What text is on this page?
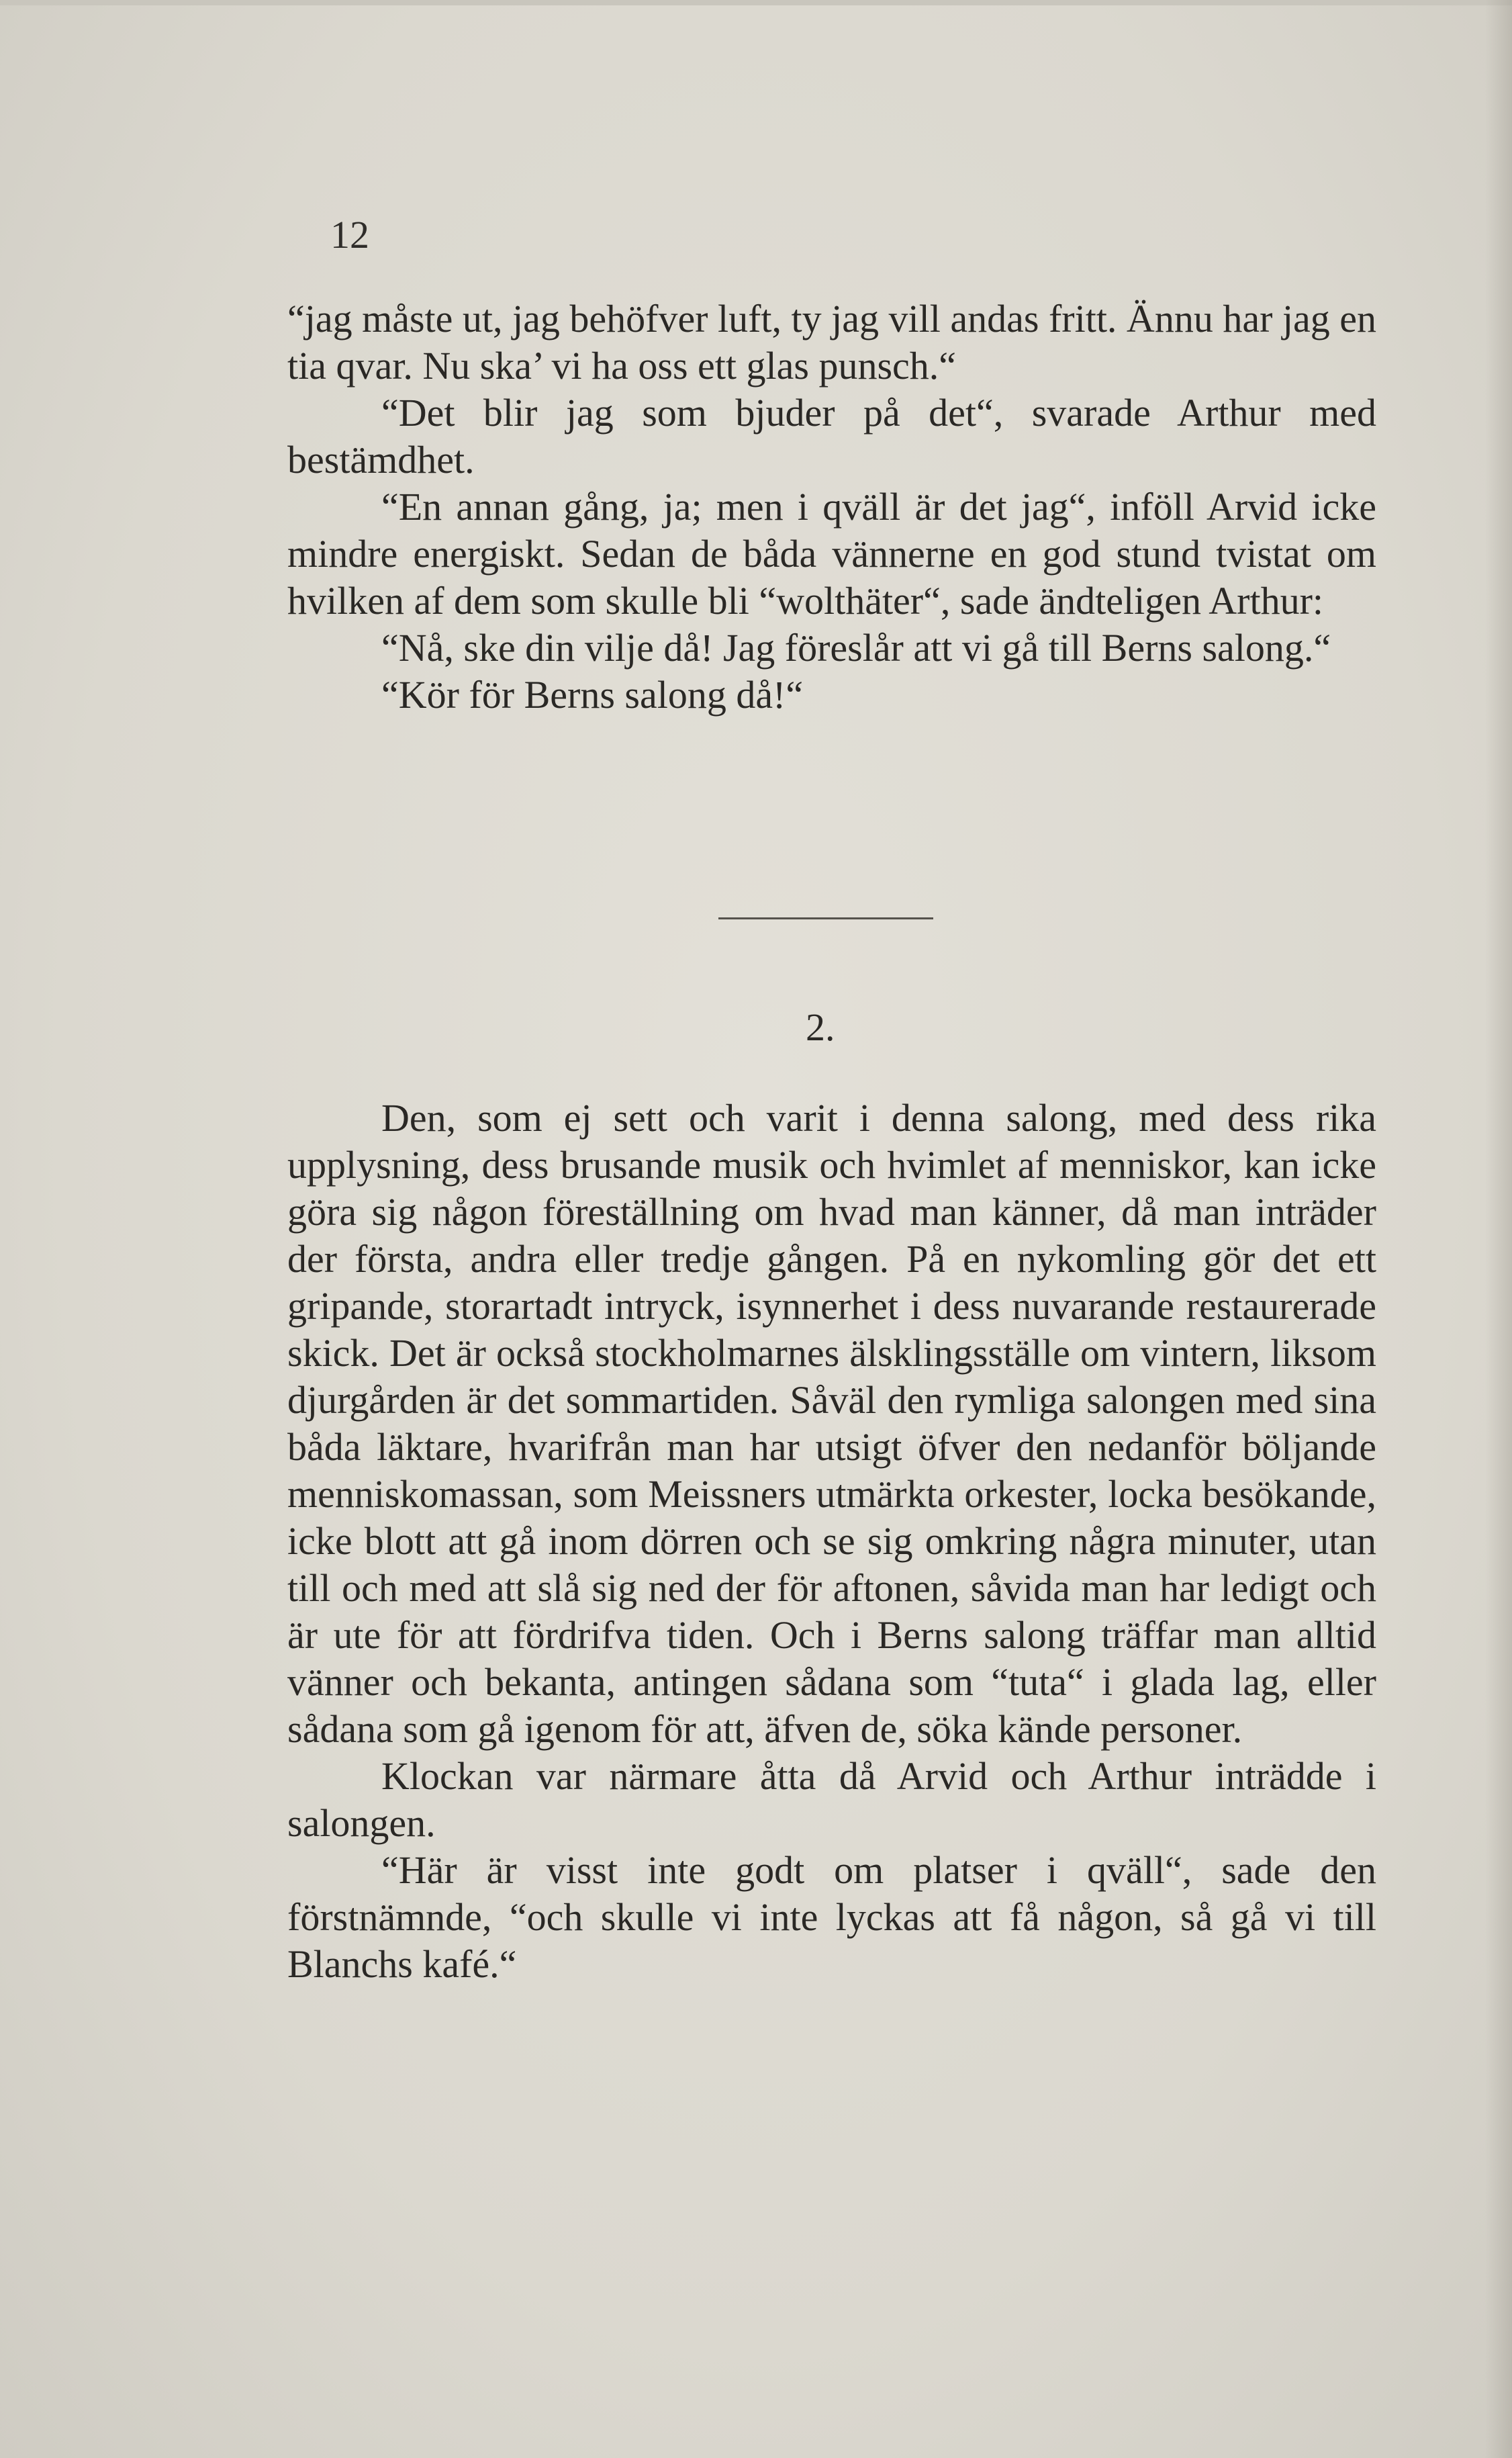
12

“jag måste ut, jag behöfver luft, ty jag vill andas fritt. Ännu har jag en tia qvar. Nu ska’ vi ha oss ett glas punsch.“

“Det blir jag som bjuder på det“, svarade Arthur med bestämdhet.

“En annan gång, ja; men i qväll är det jag“, inföll Arvid icke mindre energiskt. Sedan de båda vännerne en god stund tvistat om hvilken af dem som skulle bli “wolthäter“, sade ändteligen Arthur:

“Nå, ske din vilje då! Jag föreslår att vi gå till Berns salong.“

“Kör för Berns salong då!“

2.

Den, som ej sett och varit i denna salong, med dess rika upplysning, dess brusande musik och hvimlet af menniskor, kan icke göra sig någon föreställning om hvad man känner, då man inträder der första, andra eller tredje gången. På en nykomling gör det ett gripande, storartadt intryck, isynnerhet i dess nuvarande restaurerade skick. Det är också stockholmarnes älsklingsställe om vintern, liksom djurgården är det sommartiden. Såväl den rymliga salongen med sina båda läktare, hvarifrån man har utsigt öfver den nedanför böljande menniskomassan, som Meissners utmärkta orkester, locka besökande, icke blott att gå inom dörren och se sig omkring några minuter, utan till och med att slå sig ned der för aftonen, såvida man har ledigt och är ute för att fördrifva tiden. Och i Berns salong träffar man alltid vänner och bekanta, antingen sådana som “tuta“ i glada lag, eller sådana som gå igenom för att, äfven de, söka kände personer.

Klockan var närmare åtta då Arvid och Arthur inträdde i salongen.

“Här är visst inte godt om platser i qväll“, sade den förstnämnde, “och skulle vi inte lyckas att få någon, så gå vi till Blanchs kafé.“
